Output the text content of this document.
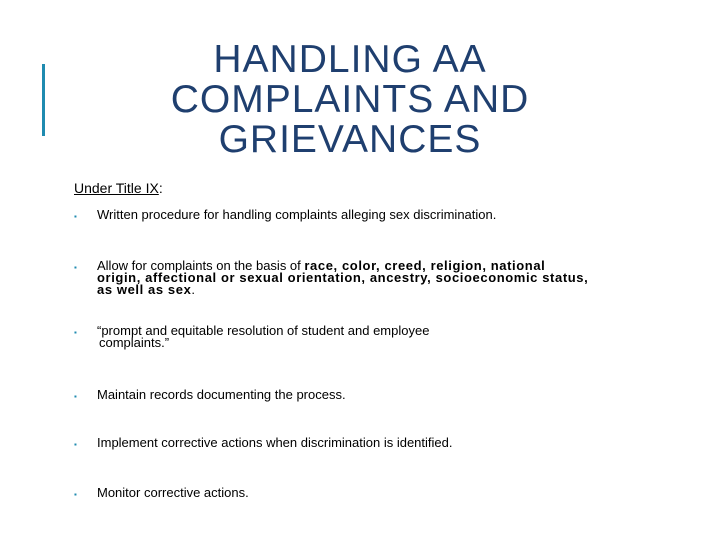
HANDLING AA
COMPLAINTS AND
GRIEVANCES

Under Title IX:

▪ Written procedure for handling complaints alleging sex discrimination.
▪ Allow for complaints on the basis of race, color, creed, religion, national
origin, affectional or sexual orientation, ancestry, socioeconomic status,
as well as sex.
▪ “prompt and equitable resolution of student and employee
complaints.”
▪ Maintain records documenting the process.
▪ Implement corrective actions when discrimination is identified.
▪ Monitor corrective actions.
